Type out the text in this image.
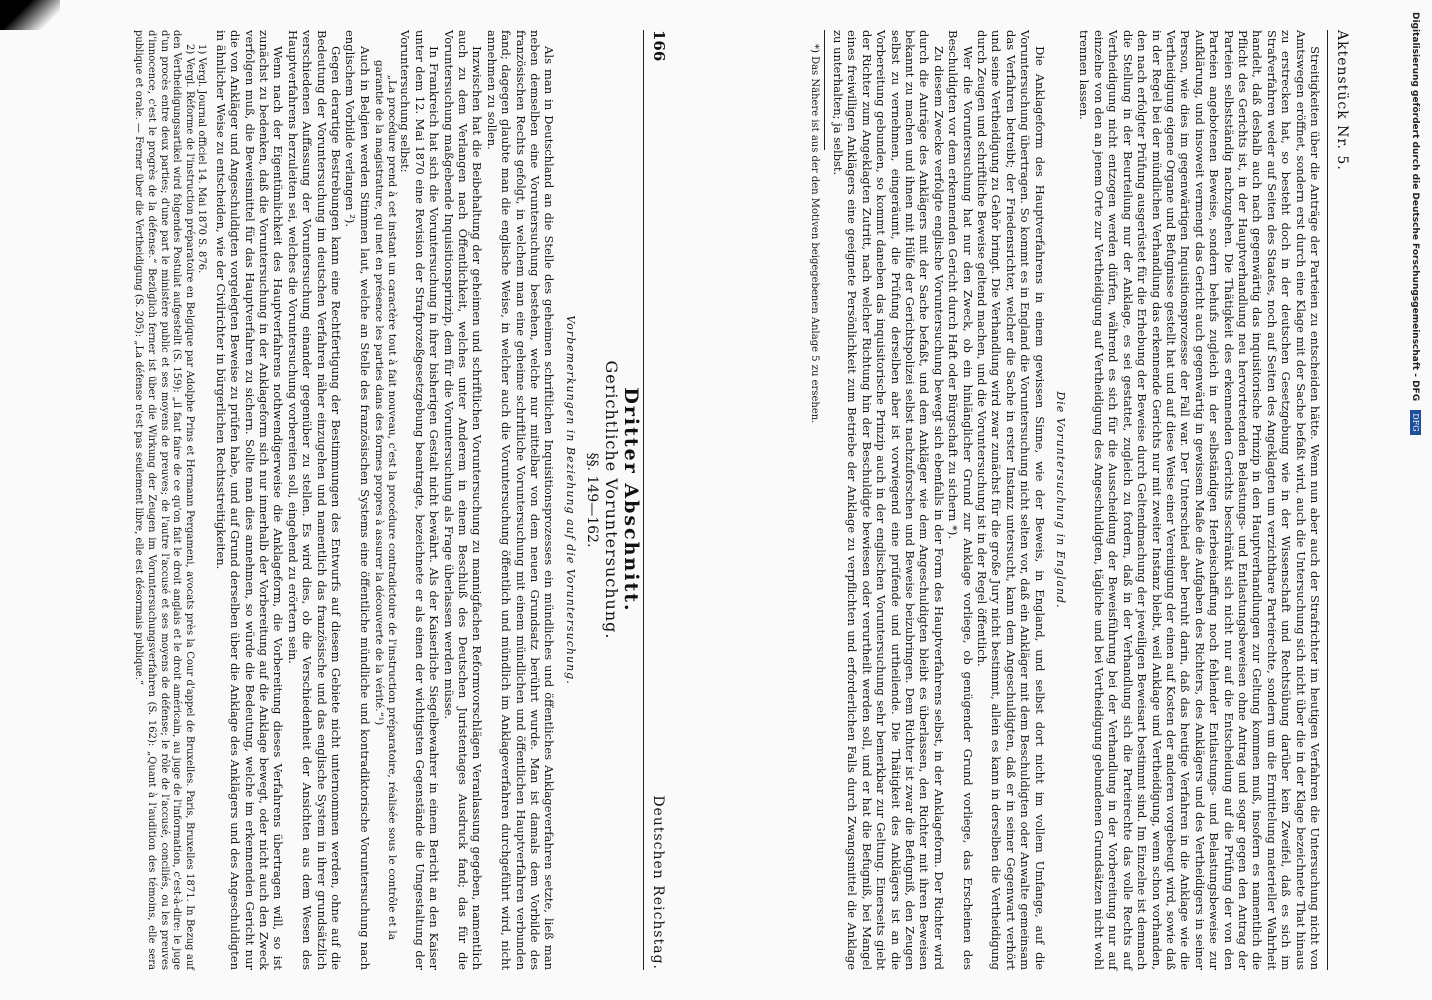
166
Deutschen Reichstag.
Dritter Abschnitt.
Gerichtliche Voruntersuchung.
§§. 149—162.
Vorbemerkungen in Beziehung auf die Voruntersuchung.

Als man in Deutschland an die Stelle des geheimen schriftlichen Inquisitionsprozesses ein mündliches und öffentliches Anklageverfahren setzte, ließ man neben demselben eine Voruntersuchung bestehen, welche nur mittelbar von dem neuen Grundsatz berührt wurde. Man ist damals dem Vorbilde des französischen Rechts gefolgt, in welchem man eine geheime schriftliche Voruntersuchung mit einem mündlichen und öffentlichen Hauptverfahren verbunden fand; dagegen glaubte man die englische Weise, in welcher auch die Voruntersuchung öffentlich und mündlich im Anklageverfahren durchgeführt wird, nicht annehmen zu sollen.

Inzwischen hat die Beibehaltung der geheimen und schriftlichen Voruntersuchung zu mannigfachen Reformvorschlägen Veranlassung gegeben, namentlich auch zu dem Verlangen nach Öffentlichkeit, welches unter Anderem in einem Beschluß des Deutschen Juristentages Ausdruck fand; das für die Voruntersuchung maßgebende Inquisitionsprinzip, dem für die Voruntersuchung als Frage überlassen werden müsse.

In Frankreich hat sich die Voruntersuchung in ihrer bisherigen Gestalt nicht bewährt. Als der Kaiserliche Siegelbewahrer in einem Bericht an den Kaiser unter dem 12. Mai 1870 eine Revision der Strafprozeßgesetzgebung beantragte, bezeichnete er als einen der wichtigsten Gegenstände die Umgestaltung der Voruntersuchung selbst:

„La procédure prend à cet instant un caractère tout à fait nouveau, c'est la procédure contradictoire de l'instruction préparatoire, réalisée sous le contrôle et la garantie de la magistrature, qui met en présence les parties dans des formes propres à assurer la découverte de la vérité.“¹)

Auch in Belgien werden Stimmen laut, welche an Stelle des französischen Systems eine öffentliche mündliche und kontradiktorische Voruntersuchung nach englischem Vorbilde verlangen ²).

Gegen derartige Bestrebungen kann eine Rechtfertigung der Bestimmungen des Entwurfs auf diesem Gebiete nicht unternommen werden, ohne auf die Bedeutung der Voruntersuchung im deutschen Verfahren näher einzugehen und namentlich das französische und das englische System in ihrer grundsätzlich verschiedenen Auffassung der Voruntersuchung einander gegenüber zu stellen. Es wird dies, ob die Verschiedenheit der Ansichten aus dem Wesen des Hauptverfahrens herzuleiten sei, welches die Voruntersuchung vorbereiten soll, eingehend zu erörtern sein.

Wenn nach der Eigentümlichkeit des Hauptverfahrens nothwendigerweise die Anklageform, die Vorbereitung dieses Verfahrens übertragen will, so ist zunächst zu bedenken, daß die Voruntersuchung in der Anklageform sich nur innerhalb der Vorbereitung auf die Anklage bewegt, oder nicht auch den Zweck verfolgen muß, die Beweismittel für das Hauptverfahren zu sichern. Sollte man dies annehmen, so würde die Bedeutung, welche im erkennenden Gericht nur die von Ankläger und Angeschuldigten vorgelegten Beweise zu prüfen habe, und auf Grund derselben über die Anklage des Anklägers und des Angeschuldigten in ähnlicher Weise zu entscheiden, wie der Civilrichter in bürgerlichen Rechtsstreitigkeiten.

1) Vergl. Journal officiel 14. Mai 1870 S. 876.

2) Vergl. Réforme de l'instruction préparatoire en Belgique par Adolphe Prins et Hermann Pergameni, avocats près la Cour d'appel de Bruxelles. Paris, Bruxelles 1871. In Bezug auf den Vertheidigungsartikel wird folgendes Postulat aufgestellt (S. 159): „il faut faire de ce qu'on fait le droit anglais et le droit américain, au juge de l'information, c'est-à-dire: le juge d'un procès entre deux parties; d'une part le ministère public et ses moyens de preuves; de l'autre l'accusé et ses moyens de défense; le rôle de l'accusé, conciliés, ou les preuves d'innocence, c'est le progrès de la défense.“ Bezüglich ferner ist über die Wirkung der Zeugen im Voruntersuchungsverfahren (S. 162): „Quant à l'audition des témoins, elle sera publique et orale. — Ferner über die Vertheidigung (S. 205): „La défense n'est pas seulement libre, elle est désormais publique.“	Aktenstück Nr. 5.

Streitigkeiten über die Anträge der Parteien zu entscheiden hätte. Wenn nun aber auch der Strafrichter im heutigen Verfahren die Untersuchung nicht von Amtswegen eröffnet, sondern erst durch eine Klage mit der Sache befaßt wird, auch die Untersuchung sich nicht über die in der Klage bezeichnete That hinaus zu erstrecken hat, so besteht doch in der deutschen Gesetzgebung wie in der Wissenschaft und Rechtsübung darüber kein Zweifel, daß es sich im Strafverfahren weder auf Seiten des Staates, noch auf Seiten des Angeklagten um verzichtbare Parteirechte, sondern um die Ermittelung materieller Wahrheit handelt, daß deshalb auch nach gegenwärtig das inquisitorische Prinzip in den Hauptverhandlungen zur Geltung kommen muß, insofern es namentlich die Pflicht des Gerichts ist, in der Hauptverhandlung neu hervortretenden Belastungs- und Entlastungsbeweisen ohne Antrag und sogar gegen den Antrag der Parteien selbstständig nachzugehen. Die Thätigkeit des erkennenden Gerichts beschränkt sich nicht nur auf die Entscheidung auf die Prüfung der von den Parteien angebotenen Beweise, sondern behufs zugleich in der selbständigen Herbeischaffung noch fehlender Entlastungs- und Belastungsbeweise zur Aufklärung, und insoweit vermengt das Gericht auch gegenwärtig in gewissem Maße die Aufgaben des Richters, des Anklägers und des Vertheidigers in seiner Person, wie dies im gegenwärtigen Inquisitionsprozesse der Fall war. Der Unterschied aber beruht darin, daß das heutige Verfahren in die Anklage wie die Vertheidigung eigene Organe und Befugnisse gestellt hat und auf diese Weise einer Vereinigung der einen auf Kosten der anderen vorgebeugt wird, sowie daß in der Regel bei der mündlichen Verhandlung das erkennende Gerichts nur mit zweiter Instanz bleibt, weil Anklage und Vertheidigung, wenn schon vorhanden, den nach erfolgter Prüfung ausgerüstet für die Erhebung der Beweise durch Geltendmachung der jeweiligen Beweisart bestimmt sind. Im Einzelne ist demnach die Stellung in der Beurteilung nur der Anklage, es sei gestattet, zugleich zu fordern, daß in der Verhandlung sich die Parteirechte das volle Rechts auf Vertheidigung nicht entzogen werden dürfen, während es sich für die Ausscheidung der Beweisführung bei der Verhandlung in der Vorbereitung nur auf einzelne von den an jenem Orte zur Vertheidigung auf Vertheidigung des Angeschuldigten, tägliche und bei Vertheidigung gebundenen Grundsätzen nicht wohl trennen lassen.

Die Voruntersuchung in England.

Die Anklageform des Hauptverfahrens in einem gewissen Sinne, wie der Beweis, in England, und selbst dort nicht im vollem Umfange, auf die Voruntersuchung übertragen. So kommt es in England die Voruntersuchung nicht selten vor, daß ein Ankläger mit dem Beschuldigten oder Anwalte gemeinsam das Verfahren betreibt; der Friedensrichter, welcher die Sache in erster Instanz untersucht, kann dem Angeschuldigten, daß er in seiner Gegenwart verhört und seine Vertheidigung zu Gehör bringt. Die Verhandlung wird zwar zunächst für die große Jury nicht bestimmt, allein es kann in derselben die Vertheidigung durch Zeugen und schriftliche Beweise geltend machen, und die Voruntersuchung ist in der Regel öffentlich.

Wer die Voruntersuchung hat nur den Zweck, ob ein hinlänglicher Grund zur Anklage vorliege, ob genügender Grund vorliege, das Erscheinen des Beschuldigten vor dem erkennenden Gericht durch Haft oder Bürgschaft zu sichern *).

Zu diesem Zwecke verfolgte englische Voruntersuchung bewegt sich ebenfalls in der Form des Hauptverfahrens selbst, in der Anklageform. Der Richter wird durch die Anträge des Anklägers mit der Sache befaßt, und dem Ankläger wie dem Angeschuldigten bleibt es überlassen, den Richter mit ihren Beweisen bekannt zu machen und ihnen mit Hülfe der Gerichtspolizei selbst nachzuforschen und Beweise beizubringen. Dem Richter ist zwar die Befugniß, den Zeugen selbst zu vernehmen, eingeräumt, die Prüfung derselben aber ist vorwiegend eine prüfende und urtheilende. Die Thätigkeit des Anklägers ist an die Vorbereitung gebunden, so kommt daneben das inquisitorische Prinzip auch in der englischen Voruntersuchung sehr bemerkbar zur Geltung. Einerseits giebt der Richter zum Angeklagten Zutritt, nach welcher Richtung hin der Beschuldigte bewiesen oder verurtheilt werden soll, und er hat die Befugniß, bei Mangel eines freiwilligen Anklägers eine geeignete Persönlichkeit zum Betriebe der Anklage zu verpflichten und erforderlichen Falls durch Zwangsmittel die Anklage zu unterhalten; ja selbst.

*) Das Nähere ist aus der den Motiven beigegebenen Anlage 5 zu ersehen.	Digitalisierung gefördert durch die Deutsche Forschungsgemeinschaft - DFG DFG
